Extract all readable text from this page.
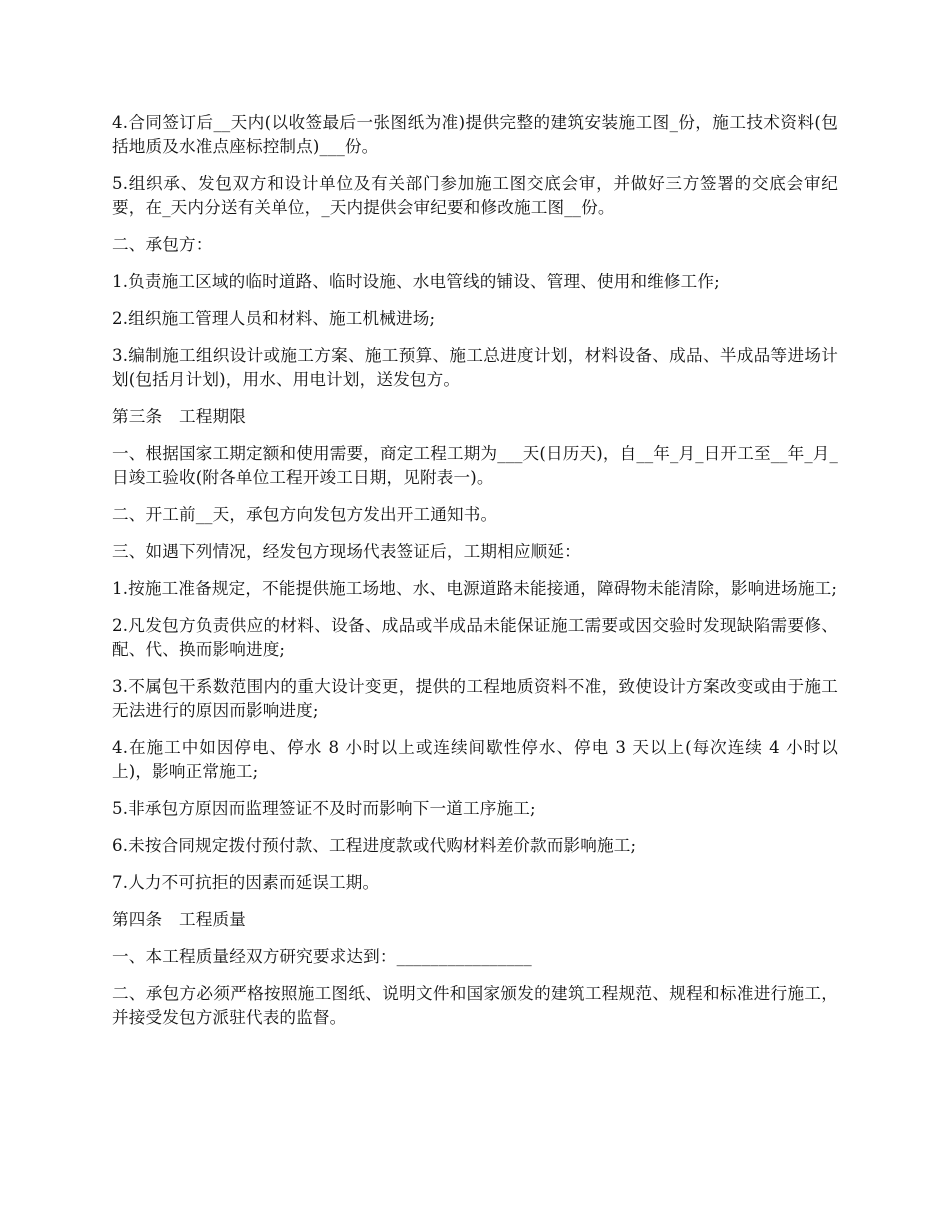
4.合同签订后__天内(以收签最后一张图纸为准)提供完整的建筑安装施工图_份，施工技术资料(包括地质及水准点座标控制点)___份。

5.组织承、发包双方和设计单位及有关部门参加施工图交底会审，并做好三方签署的交底会审纪要，在_天内分送有关单位，_天内提供会审纪要和修改施工图__份。

二、承包方：

1.负责施工区域的临时道路、临时设施、水电管线的铺设、管理、使用和维修工作;

2.组织施工管理人员和材料、施工机械进场;

3.编制施工组织设计或施工方案、施工预算、施工总进度计划，材料设备、成品、半成品等进场计划(包括月计划)，用水、用电计划，送发包方。

第三条　工程期限

一、根据国家工期定额和使用需要，商定工程工期为___天(日历天)，自__年_月_日开工至__年_月_日竣工验收(附各单位工程开竣工日期，见附表一)。

二、开工前__天，承包方向发包方发出开工通知书。

三、如遇下列情况，经发包方现场代表签证后，工期相应顺延：

1.按施工准备规定，不能提供施工场地、水、电源道路未能接通，障碍物未能清除，影响进场施工;

2.凡发包方负责供应的材料、设备、成品或半成品未能保证施工需要或因交验时发现缺陷需要修、配、代、换而影响进度;

3.不属包干系数范围内的重大设计变更，提供的工程地质资料不准，致使设计方案改变或由于施工无法进行的原因而影响进度;

4.在施工中如因停电、停水 8 小时以上或连续间歇性停水、停电 3 天以上(每次连续 4 小时以上)，影响正常施工;

5.非承包方原因而监理签证不及时而影响下一道工序施工;

6.未按合同规定拨付预付款、工程进度款或代购材料差价款而影响施工;

7.人力不可抗拒的因素而延误工期。

第四条　工程质量

一、本工程质量经双方研究要求达到：________________

二、承包方必须严格按照施工图纸、说明文件和国家颁发的建筑工程规范、规程和标准进行施工，并接受发包方派驻代表的监督。
